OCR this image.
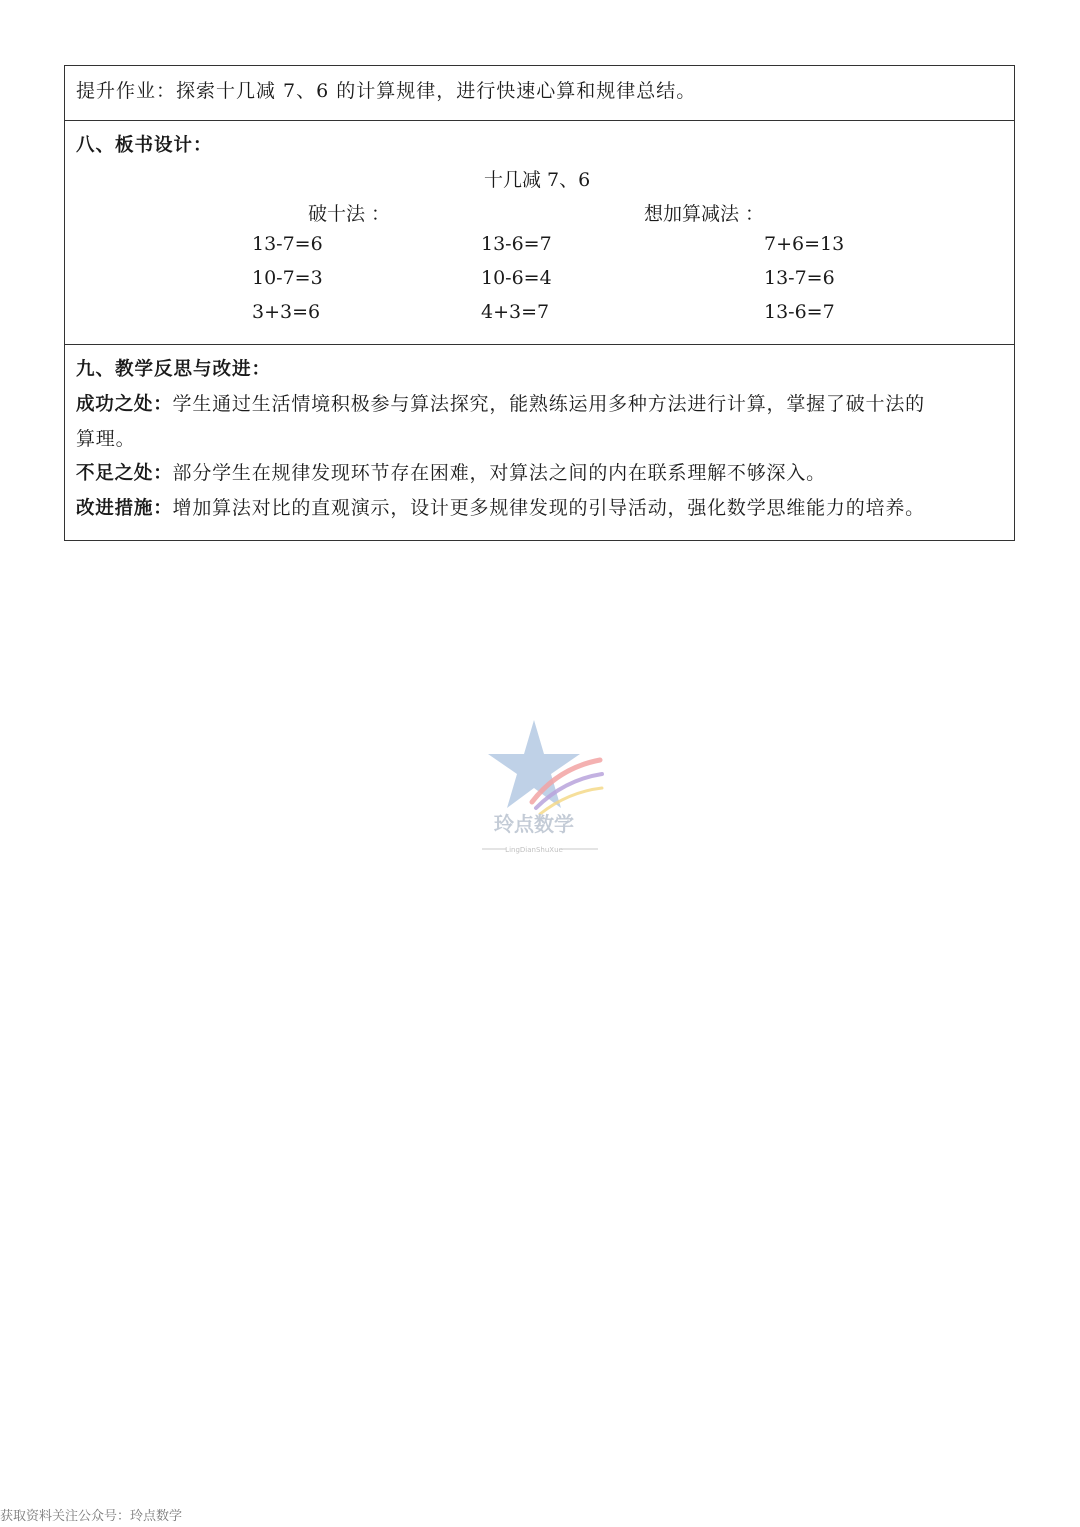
提升作业：探索十几减 7、6 的计算规律，进行快速心算和规律总结。
八、板书设计：
十几减 7、6
破十法 ：	想加算减法 ：
13-7=6
10-7=3
3+3=6
13-6=7
10-6=4
4+3=7
7+6=13
13-7=6
13-6=7
九、教学反思与改进：
成功之处：学生通过生活情境积极参与算法探究，能熟练运用多种方法进行计算，掌握了破十法的
算理。
不足之处：部分学生在规律发现环节存在困难，对算法之间的内在联系理解不够深入。
改进措施：增加算法对比的直观演示，设计更多规律发现的引导活动，强化数学思维能力的培养。
玲点数学
LingDianShuXue
获取资料关注公众号：玲点数学
